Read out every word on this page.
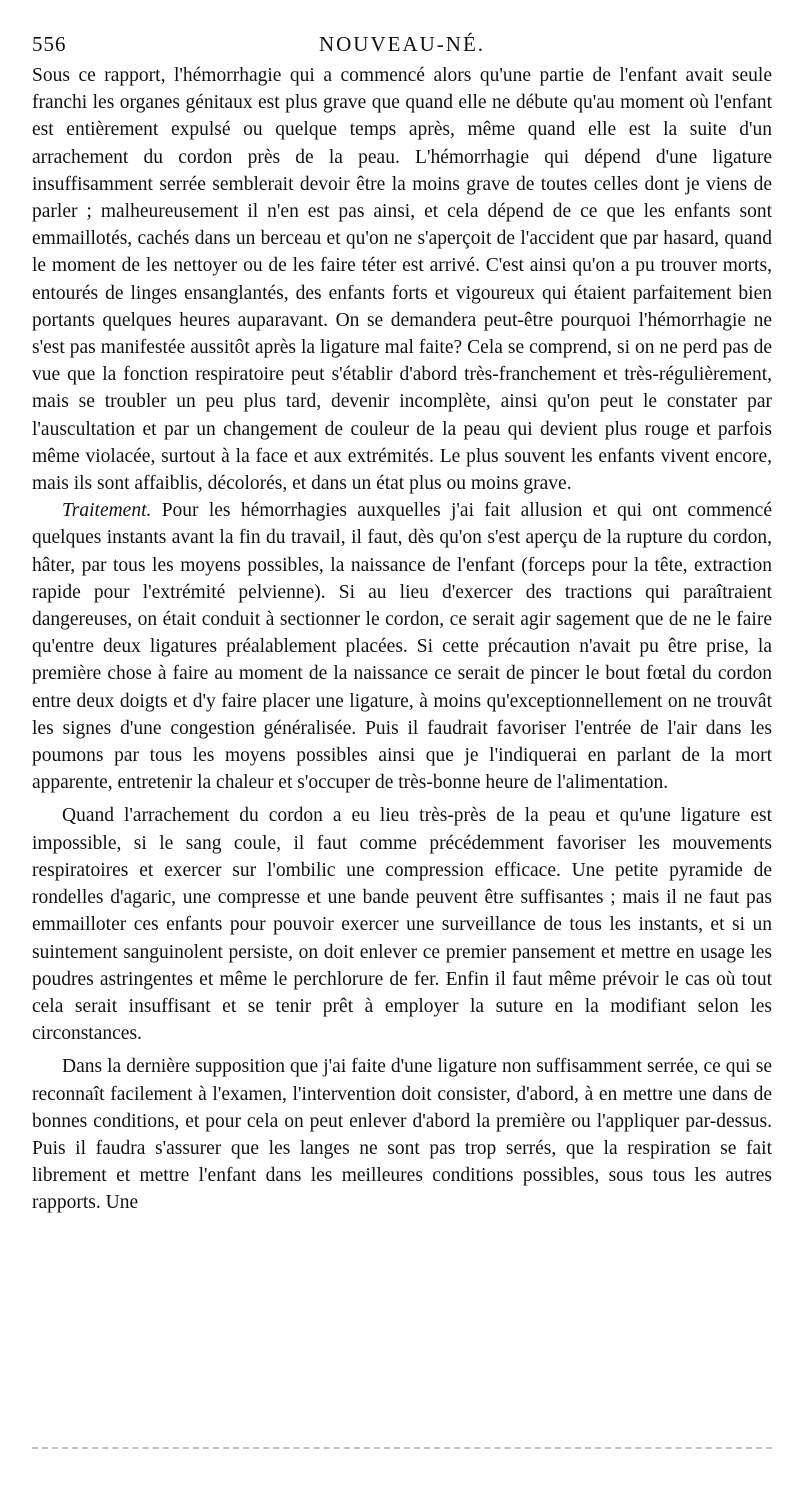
556	NOUVEAU-NÉ.

Sous ce rapport, l'hémorrhagie qui a commencé alors qu'une partie de l'enfant avait seule franchi les organes génitaux est plus grave que quand elle ne débute qu'au moment où l'enfant est entièrement expulsé ou quelque temps après, même quand elle est la suite d'un arrachement du cordon près de la peau. L'hémorrhagie qui dépend d'une ligature insuffisamment serrée semblerait devoir être la moins grave de toutes celles dont je viens de parler ; malheureusement il n'en est pas ainsi, et cela dépend de ce que les enfants sont emmaillotés, cachés dans un berceau et qu'on ne s'aperçoit de l'accident que par hasard, quand le moment de les nettoyer ou de les faire téter est arrivé. C'est ainsi qu'on a pu trouver morts, entourés de linges ensanglantés, des enfants forts et vigoureux qui étaient parfaitement bien portants quelques heures auparavant. On se demandera peut-être pourquoi l'hémorrhagie ne s'est pas manifestée aussitôt après la ligature mal faite? Cela se comprend, si on ne perd pas de vue que la fonction respiratoire peut s'établir d'abord très-franchement et très-régulièrement, mais se troubler un peu plus tard, devenir incomplète, ainsi qu'on peut le constater par l'auscultation et par un changement de couleur de la peau qui devient plus rouge et parfois même violacée, surtout à la face et aux extrémités. Le plus souvent les enfants vivent encore, mais ils sont affaiblis, décolorés, et dans un état plus ou moins grave.

Traitement. Pour les hémorrhagies auxquelles j'ai fait allusion et qui ont commencé quelques instants avant la fin du travail, il faut, dès qu'on s'est aperçu de la rupture du cordon, hâter, par tous les moyens possibles, la naissance de l'enfant (forceps pour la tête, extraction rapide pour l'extrémité pelvienne). Si au lieu d'exercer des tractions qui paraîtraient dangereuses, on était conduit à sectionner le cordon, ce serait agir sagement que de ne le faire qu'entre deux ligatures préalablement placées. Si cette précaution n'avait pu être prise, la première chose à faire au moment de la naissance ce serait de pincer le bout fœtal du cordon entre deux doigts et d'y faire placer une ligature, à moins qu'exceptionnellement on ne trouvât les signes d'une congestion généralisée. Puis il faudrait favoriser l'entrée de l'air dans les poumons par tous les moyens possibles ainsi que je l'indiquerai en parlant de la mort apparente, entretenir la chaleur et s'occuper de très-bonne heure de l'alimentation.

Quand l'arrachement du cordon a eu lieu très-près de la peau et qu'une ligature est impossible, si le sang coule, il faut comme précédemment favoriser les mouvements respiratoires et exercer sur l'ombilic une compression efficace. Une petite pyramide de rondelles d'agaric, une compresse et une bande peuvent être suffisantes ; mais il ne faut pas emmailloter ces enfants pour pouvoir exercer une surveillance de tous les instants, et si un suintement sanguinolent persiste, on doit enlever ce premier pansement et mettre en usage les poudres astringentes et même le perchlorure de fer. Enfin il faut même prévoir le cas où tout cela serait insuffisant et se tenir prêt à employer la suture en la modifiant selon les circonstances.

Dans la dernière supposition que j'ai faite d'une ligature non suffisamment serrée, ce qui se reconnaît facilement à l'examen, l'intervention doit consister, d'abord, à en mettre une dans de bonnes conditions, et pour cela on peut enlever d'abord la première ou l'appliquer par-dessus. Puis il faudra s'assurer que les langes ne sont pas trop serrés, que la respiration se fait librement et mettre l'enfant dans les meilleures conditions possibles, sous tous les autres rapports. Une
